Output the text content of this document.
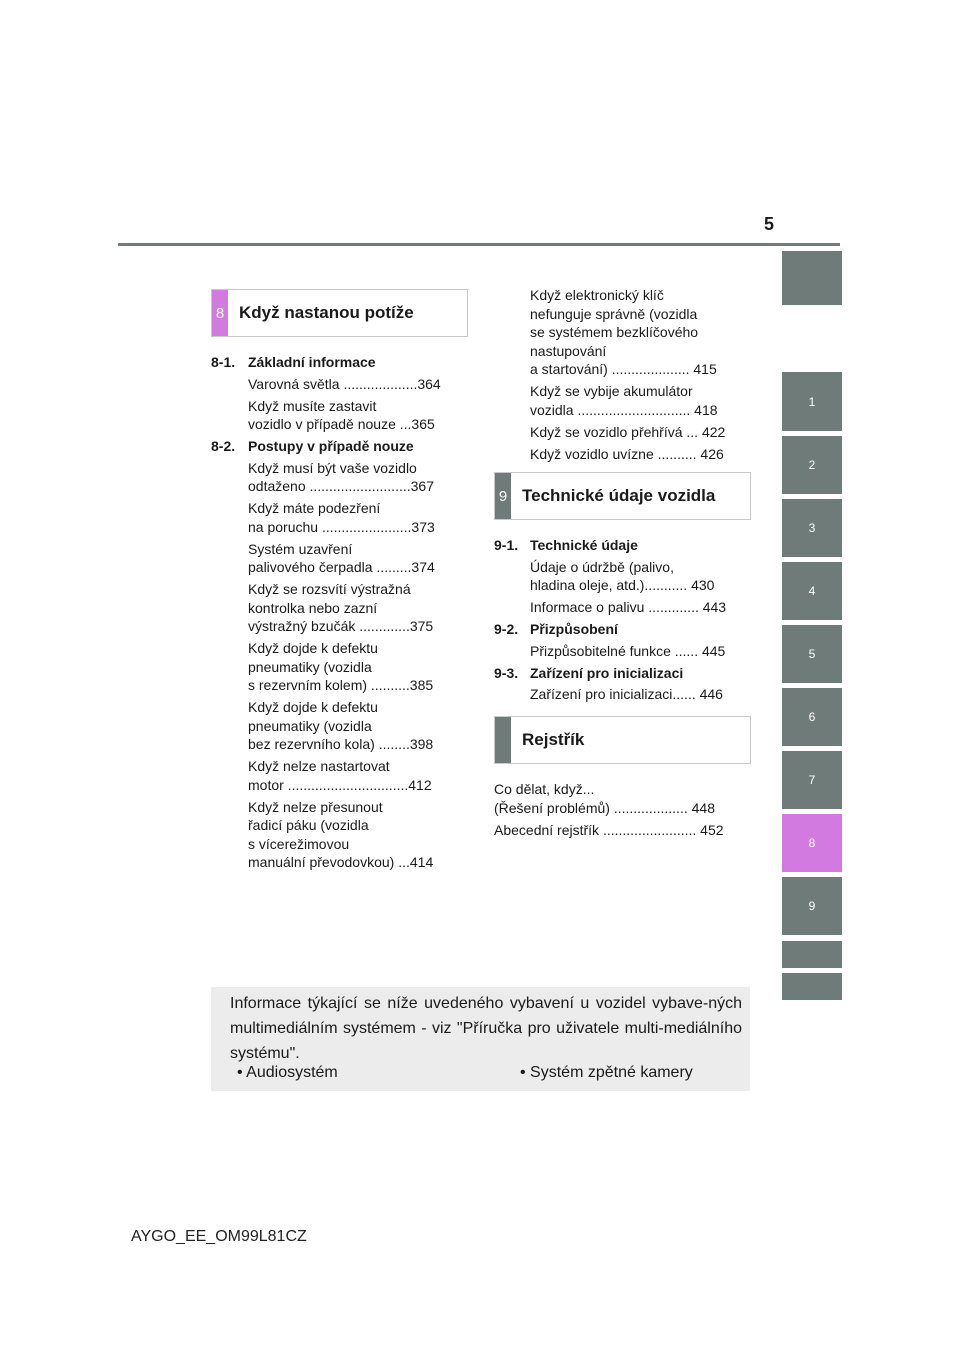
5
1
2
3
4
5
6
7
8
9
8 Když nastanou potíže
8-1. Základní informace
Varovná světla ...................364
Když musíte zastavit
vozidlo v případě nouze ...365
8-2. Postupy v případě nouze
Když musí být vaše vozidlo
odtaženo ..........................367
Když máte podezření
na poruchu .......................373
Systém uzavření
palivového čerpadla .........374
Když se rozsvítí výstražná
kontrolka nebo zazní
výstražný bzučák .............375
Když dojde k defektu
pneumatiky (vozidla
s rezervním kolem) ..........385
Když dojde k defektu
pneumatiky (vozidla
bez rezervního kola) ........398
Když nelze nastartovat
motor ...............................412
Když nelze přesunout
řadicí páku (vozidla
s vícerežimovou
manuální převodovkou) ...414
Když elektronický klíč
nefunguje správně (vozidla
se systémem bezklíčového
nastupování
a startování) .................... 415
Když se vybije akumulátor
vozidla ............................. 418
Když se vozidlo přehřívá ... 422
Když vozidlo uvízne .......... 426
9 Technické údaje vozidla
9-1. Technické údaje
Údaje o údržbě (palivo,
hladina oleje, atd.)........... 430
Informace o palivu ............. 443
9-2. Přizpůsobení
Přizpůsobitelné funkce ...... 445
9-3. Zařízení pro inicializaci
Zařízení pro inicializaci...... 446
Rejstřík
Co dělat, když...
(Řešení problémů) ................... 448
Abecední rejstřík ........................ 452
Informace týkající se níže uvedeného vybavení u vozidel vybave-ných multimediálním systémem - viz "Příručka pro uživatele multi-mediálního systému".
• Audiosystém	• Systém zpětné kamery
AYGO_EE_OM99L81CZ
